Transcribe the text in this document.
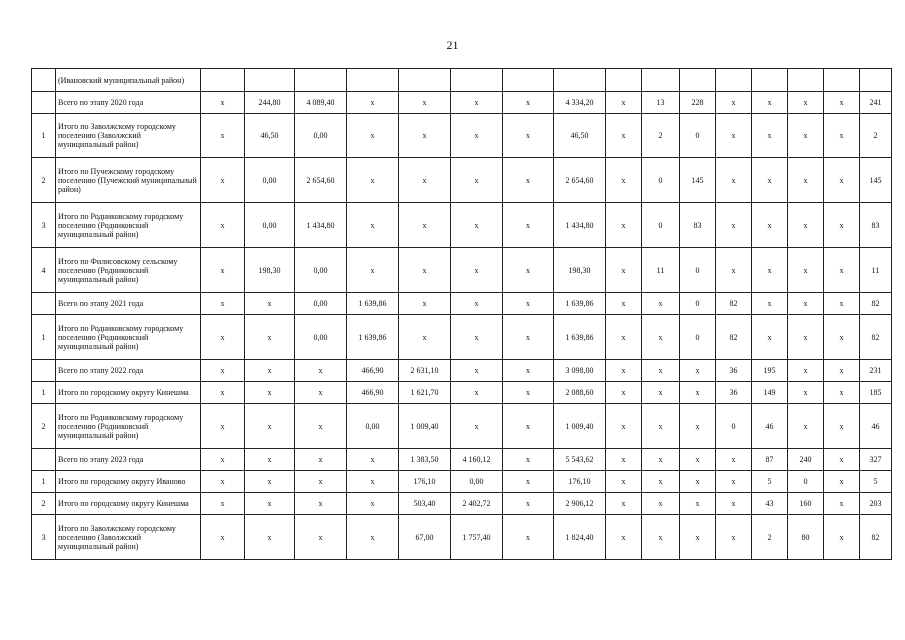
21
	(Ивановский муниципальный район)																
	Всего по этапу 2020 года	х	244,80	4 089,40	х	х	х	х	4 334,20	х	13	228	х	х	х	х	241
1	Итого по Заволжскому городскому поселению (Заволжский муниципальный район)	х	46,50	0,00	х	х	х	х	46,50	х	2	0	х	х	х	х	2
2	Итого по Пучежскому городскому поселению (Пучежский муниципальный район)	х	0,00	2 654,60	х	х	х	х	2 654,60	х	0	145	х	х	х	х	145
3	Итого по Родниковскому городскому поселению (Родниковский муниципальный район)	х	0,00	1 434,80	х	х	х	х	1 434,80	х	0	83	х	х	х	х	83
4	Итого по Филисовскому сельскому поселению (Родниковский муниципальный район)	х	198,30	0,00	х	х	х	х	198,30	х	11	0	х	х	х	х	11
	Всего по этапу 2021 года	х	х	0,00	1 639,86	х	х	х	1 639,86	х	х	0	82	х	х	х	82
1	Итого по Родниковскому городскому поселению (Родниковский муниципальный район)	х	х	0,00	1 639,86	х	х	х	1 639,86	х	х	0	82	х	х	х	82
	Всего по этапу 2022 года	х	х	х	466,90	2 631,10	х	х	3 098,00	х	х	х	36	195	х	х	231
1	Итого по городскому округу Кинешма	х	х	х	466,90	1 621,70	х	х	2 088,60	х	х	х	36	149	х	х	185
2	Итого по Родниковскому городскому поселению (Родниковский муниципальный район)	х	х	х	0,00	1 009,40	х	х	1 009,40	х	х	х	0	46	х	х	46
	Всего по этапу 2023 года	х	х	х	х	1 383,50	4 160,12	х	5 543,62	х	х	х	х	87	240	х	327
1	Итого по городскому округу Иваново	х	х	х	х	176,10	0,00	х	176,10	х	х	х	х	5	0	х	5
2	Итого по городскому округу Кинешма	х	х	х	х	503,40	2 402,72	х	2 906,12	х	х	х	х	43	160	х	203
3	Итого по Заволжскому городскому поселению (Заволжский муниципальный район)	х	х	х	х	67,00	1 757,40	х	1 824,40	х	х	х	х	2	80	х	82
